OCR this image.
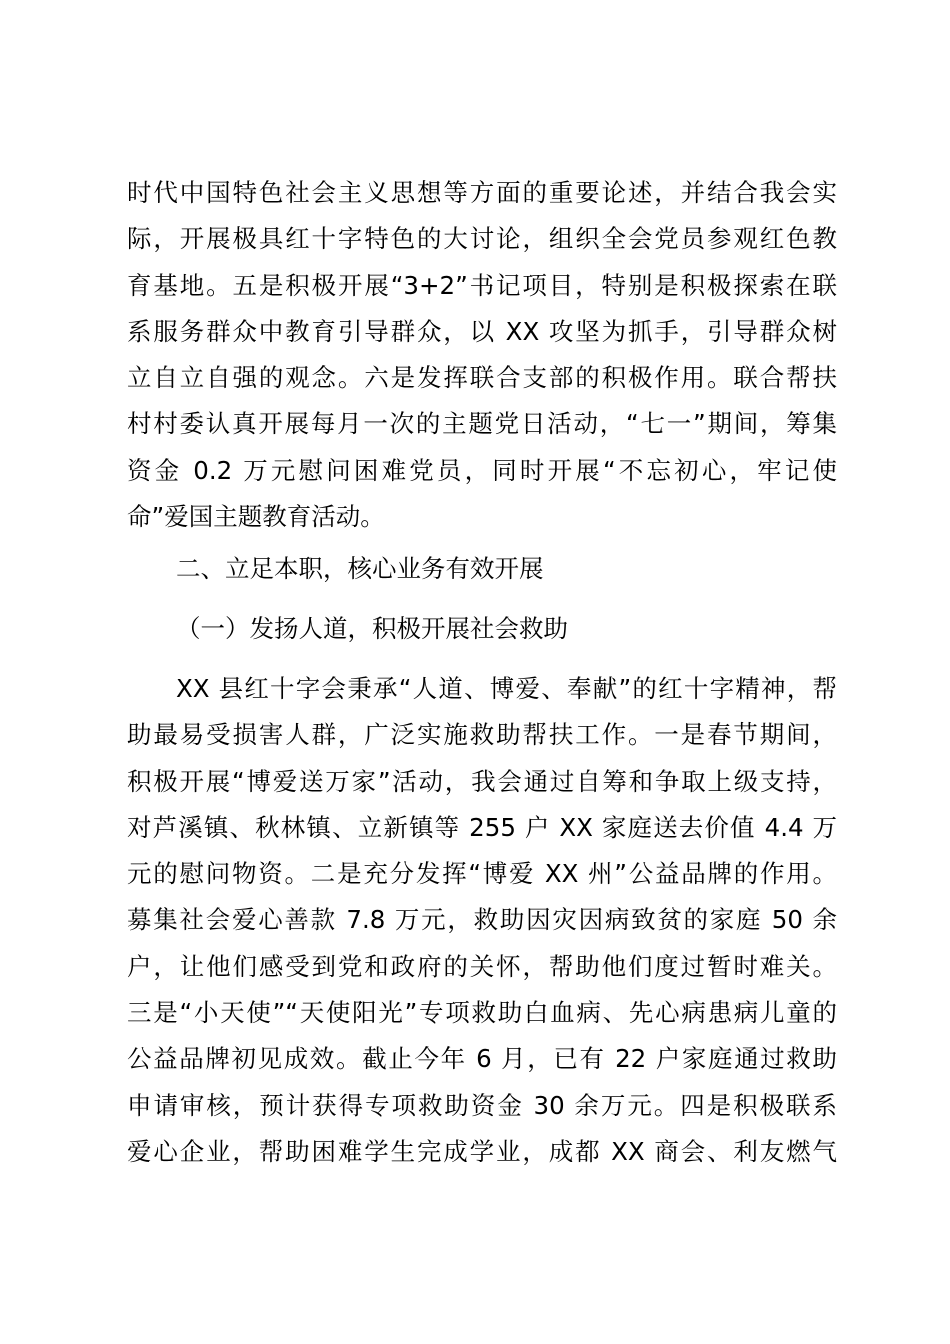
时代中国特色社会主义思想等方面的重要论述，并结合我会实
际，开展极具红十字特色的大讨论，组织全会党员参观红色教
育基地。五是积极开展“3+2”书记项目，特别是积极探索在联
系服务群众中教育引导群众，以 XX 攻坚为抓手，引导群众树
立自立自强的观念。六是发挥联合支部的积极作用。联合帮扶
村村委认真开展每月一次的主题党日活动，“七一”期间，筹集
资金 0.2 万元慰问困难党员，同时开展“不忘初心，牢记使
命”爱国主题教育活动。
二、立足本职，核心业务有效开展
（一）发扬人道，积极开展社会救助
XX 县红十字会秉承“人道、博爱、奉献”的红十字精神，帮
助最易受损害人群，广泛实施救助帮扶工作。一是春节期间，
积极开展“博爱送万家”活动，我会通过自筹和争取上级支持，
对芦溪镇、秋林镇、立新镇等 255 户 XX 家庭送去价值 4.4 万
元的慰问物资。二是充分发挥“博爱 XX 州”公益品牌的作用。
募集社会爱心善款 7.8 万元，救助因灾因病致贫的家庭 50 余
户，让他们感受到党和政府的关怀，帮助他们度过暂时难关。
三是“小天使”“天使阳光”专项救助白血病、先心病患病儿童的
公益品牌初见成效。截止今年 6 月，已有 22 户家庭通过救助
申请审核，预计获得专项救助资金 30 余万元。四是积极联系
爱心企业，帮助困难学生完成学业，成都 XX 商会、利友燃气
